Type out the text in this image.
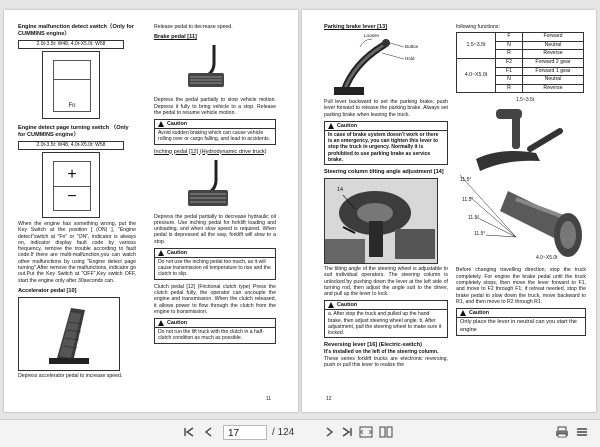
Engine malfunction detect switch（Only for CUMMINS engine）

2.0t-3.5t: W48, 4.0t-X5.0t: W58
Fn

Engine detect page turning switch （Only for CUMMINS engine）

2.0t-3.5t: W48, 4.0t-X5.0t: W58
+
−

When the engine has something wrong, put the Key Switch at the position [ (ON) ], "Engine detect"switch at "Fn" or "ON", indicator is always on, indicator display fault code by various frequency, remove the trouble according to fault code.If there are multi-malfunction,you can watch other malfunctions by using "Engine detect page turning".After remove the malfunctions, indicator go out.Put the Key Switch at "OFF",Key switch OFF, start the engine only after 30seconds can.

Accelerator pedal [10]

Depress accelerator pedal to increase speed.

Release pedal to decrease speed.

Brake pedal [11]

Depress the pedal partially to slow vehicle motion. Depress it fully to bring vehicle to a stop. Release the pedal to resume vehicle motion.

Caution
Avoid sudden braking which can cause vehicle rolling over or cargo falling, and lead to accidents.

Inching pedal [12] (Hydrodynamic drive truck)

Depress the pedal partially to decrease hydraulic oil pressure. Use inching pedal for forklift loading and unloading, and when slow speed is required. When pedal is depressed all the way, forklift will slow to a stop.

Caution
Do not use the inching pedal too much, as it will cause transmission oil temperature to rise and the clutch to slip.

Clutch pedal [12] (Frictional clutch type) Press the clutch pedal fully, the operator can uncouple the engine and transmission. When the clutch released, it allows power to flow through the clutch from the engine to transmission.

Caution
Do not run the lift truck with the clutch in a half-clutch condition as much as possible.
11

Parking brake lever [13]

Loosen
Button
Hold

Pull lever backward to set the parking brake, push lever forward to release the parking brake. Always set parking brake when leaving the truck.

Caution
In case of brake system doesn't work or there is an emergency, you can tighten this lever to stop the truck in urgency. Normally it is prohibited to use parking brake as service brake.

Steering column tilting angle adjustment [14]

14

The tilting angle of the steering wheel is adjustable to suit individual operators. The steering column is unlocked by pushing down the lever at the left side of turning rod, then adjust the angle suit to the driver, and pull up the lever to lock.

Caution
a. After stop the truck and pulled up the hand brake, then adjust steering wheel angle. b. After adjustment, pull the steering wheel to make sure it locked.

Reversing lever [16] (Electric-switch)

It's installed on the left of the steering column.

These series forklift trucks are electronic reversing, push or pull this lever to realize the

following functions：

1.5~3.5t	F	Forward
	N	Neutral
	R	Reverse
4.0~X5.0t	F2	Forward 2 gear
	F1	Forward 1 gear
	N	Neutral
	R	Reverse
1.5~3.5t
11.5°
11.5°
11.5°
11.5°
4.0~X5.0t

Before changing travelling direction, stop the truck completely. For engine the brake pedal until the truck completely stops, then move the lever forward to F1, and move to F2 through F1; if retreat needed, stop the brake pedal to slow down the truck, move backward to R1, and then move to R2 through R1.

Caution
Only place the lever in neutral can you start the engine
12
17	/ 124
